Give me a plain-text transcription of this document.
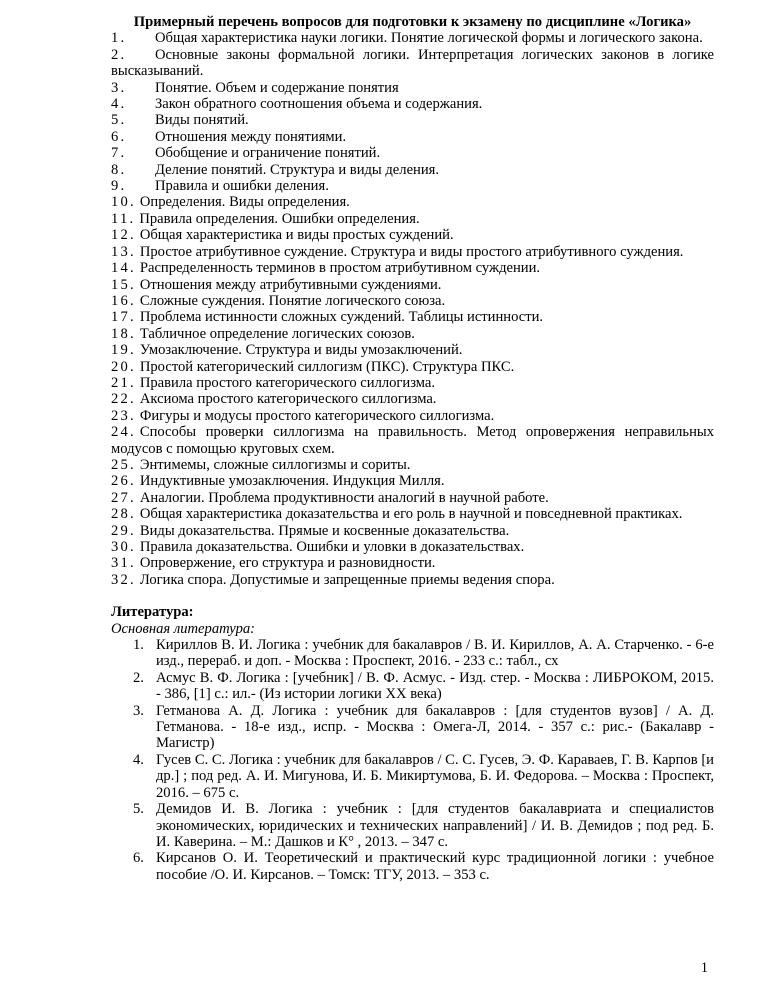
Примерный перечень вопросов для подготовки к экзамену по дисциплине «Логика»
1. Общая характеристика науки логики. Понятие логической формы и логического закона.
2. Основные законы формальной логики. Интерпретация логических законов в логике высказываний.
3. Понятие. Объем и содержание понятия
4. Закон обратного соотношения объема и содержания.
5. Виды понятий.
6. Отношения между понятиями.
7. Обобщение и ограничение понятий.
8. Деление понятий. Структура и виды деления.
9. Правила и ошибки деления.
10. Определения. Виды определения.
11. Правила определения. Ошибки определения.
12. Общая характеристика и виды простых суждений.
13. Простое атрибутивное суждение. Структура и виды простого атрибутивного суждения.
14. Распределенность терминов в простом атрибутивном суждении.
15. Отношения между атрибутивными суждениями.
16. Сложные суждения. Понятие логического союза.
17. Проблема истинности сложных суждений. Таблицы истинности.
18. Табличное определение логических союзов.
19. Умозаключение. Структура и виды умозаключений.
20. Простой категорический силлогизм (ПКС). Структура ПКС.
21. Правила простого категорического силлогизма.
22. Аксиома простого категорического силлогизма.
23. Фигуры и модусы простого категорического силлогизма.
24. Способы проверки силлогизма на правильность. Метод опровержения неправильных модусов с помощью круговых схем.
25. Энтимемы, сложные силлогизмы и сориты.
26. Индуктивные умозаключения. Индукция Милля.
27. Аналогии. Проблема продуктивности аналогий в научной работе.
28. Общая характеристика доказательства и его роль в научной и повседневной практиках.
29. Виды доказательства. Прямые и косвенные доказательства.
30. Правила доказательства. Ошибки и уловки в доказательствах.
31. Опровержение, его структура и разновидности.
32. Логика спора. Допустимые и запрещенные приемы ведения спора.
Литература:
Основная литература:
1. Кириллов В. И. Логика : учебник для бакалавров / В. И. Кириллов, А. А. Старченко. - 6-е изд., перераб. и доп. - Москва : Проспект, 2016. - 233 с.: табл., сх
2. Асмус В. Ф. Логика : [учебник] / В. Ф. Асмус. - Изд. стер. - Москва : ЛИБРОКОМ, 2015. - 386, [1] с.: ил.- (Из истории логики XX века)
3. Гетманова А. Д. Логика : учебник для бакалавров : [для студентов вузов] / А. Д. Гетманова. - 18-е изд., испр. - Москва : Омега-Л, 2014. - 357 с.: рис.- (Бакалавр - Магистр)
4. Гусев С. С. Логика : учебник для бакалавров / С. С. Гусев, Э. Ф. Караваев, Г. В. Карпов [и др.] ; под ред. А. И. Мигунова, И. Б. Микиртумова, Б. И. Федорова. – Москва : Проспект, 2016. – 675 с.
5. Демидов И. В. Логика : учебник : [для студентов бакалавриата и специалистов экономических, юридических и технических направлений] / И. В. Демидов ; под ред. Б. И. Каверина. – М.: Дашков и К° , 2013. – 347 с.
6. Кирсанов О. И. Теоретический и практический курс традиционной логики : учебное пособие /О. И. Кирсанов. – Томск: ТГУ, 2013. – 353 с.
1
